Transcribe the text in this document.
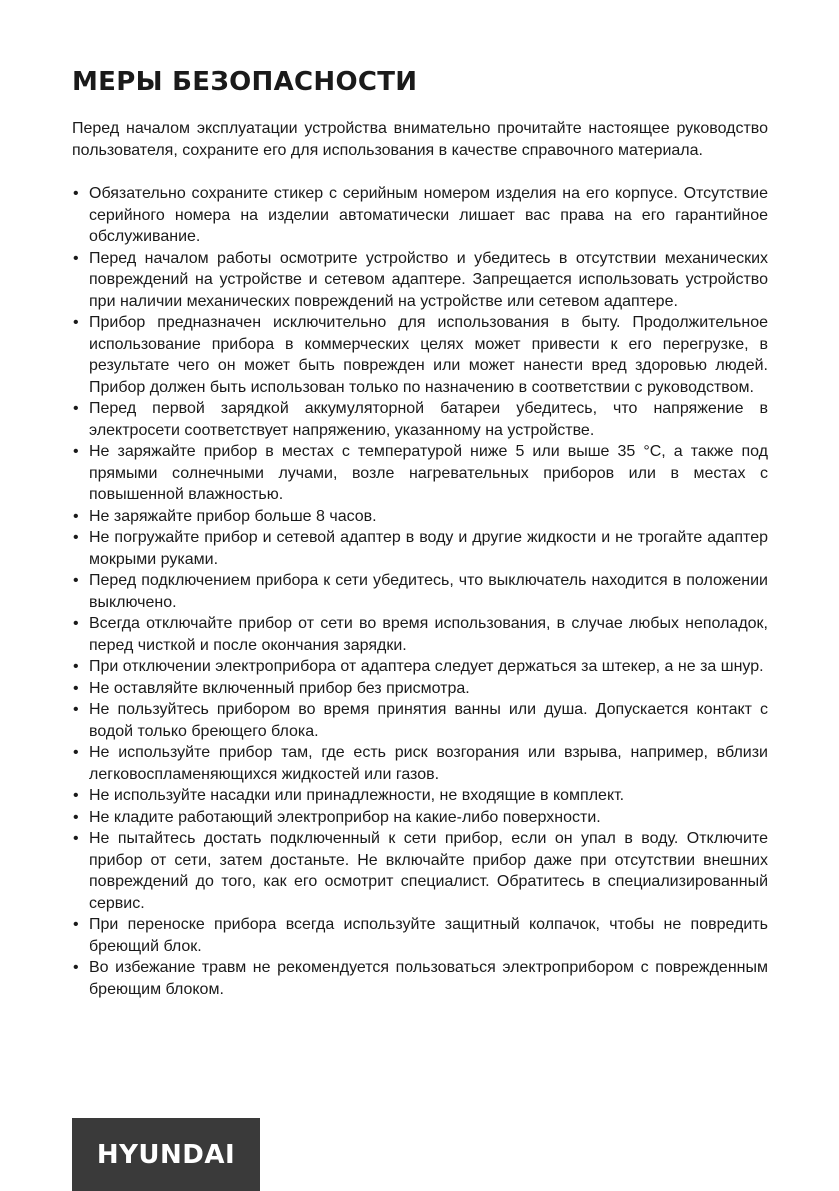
МЕРЫ БЕЗОПАСНОСТИ

Перед началом эксплуатации устройства внимательно прочитайте настоящее руководство пользователя, сохраните его для использования в качестве справочного материала.

• Обязательно сохраните стикер с серийным номером изделия на его корпусе. Отсутствие серийного номера на изделии автоматически лишает вас права на его гарантийное обслуживание.
• Перед началом работы осмотрите устройство и убедитесь в отсутствии механических повреждений на устройстве и сетевом адаптере. Запрещается использовать устройство при наличии механических повреждений на устройстве или сетевом адаптере.
• Прибор предназначен исключительно для использования в быту. Продолжительное использование прибора в коммерческих целях может привести к его перегрузке, в результате чего он может быть поврежден или может нанести вред здоровью людей. Прибор должен быть использован только по назначению в соответствии с руководством.
• Перед первой зарядкой аккумуляторной батареи убедитесь, что напряжение в электросети соответствует напряжению, указанному на устройстве.
• Не заряжайте прибор в местах с температурой ниже 5 или выше 35 °С, а также под прямыми солнечными лучами, возле нагревательных приборов или в местах с повышенной влажностью.
• Не заряжайте прибор больше 8 часов.
• Не погружайте прибор и сетевой адаптер в воду и другие жидкости и не трогайте адаптер мокрыми руками.
• Перед подключением прибора к сети убедитесь, что выключатель находится в положении выключено.
• Всегда отключайте прибор от сети во время использования, в случае любых неполадок, перед чисткой и после окончания зарядки.
• При отключении электроприбора от адаптера следует держаться за штекер, а не за шнур.
• Не оставляйте включенный прибор без присмотра.
• Не пользуйтесь прибором во время принятия ванны или душа. Допускается контакт с водой только бреющего блока.
• Не используйте прибор там, где есть риск возгорания или взрыва, например, вблизи легковоспламеняющихся жидкостей или газов.
• Не используйте насадки или принадлежности, не входящие в комплект.
• Не кладите работающий электроприбор на какие-либо поверхности.
• Не пытайтесь достать подключенный к сети прибор, если он упал в воду. Отключите прибор от сети, затем достаньте. Не включайте прибор даже при отсутствии внешних повреждений до того, как его осмотрит специалист. Обратитесь в специализированный сервис.
• При переноске прибора всегда используйте защитный колпачок, чтобы не повредить бреющий блок.
• Во избежание травм не рекомендуется пользоваться электроприбором с поврежденным бреющим блоком.
HYUNDAI
